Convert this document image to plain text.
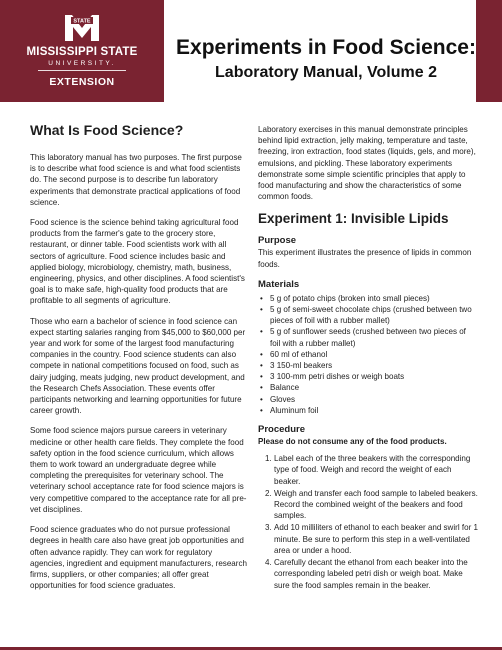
STATE
MISSISSIPPI STATE
UNIVERSITY.
EXTENSION
Experiments in Food Science:
Laboratory Manual, Volume 2
What Is Food Science?

This laboratory manual has two purposes. The first purpose is to describe what food science is and what food scientists do. The second purpose is to describe fun laboratory experiments that demonstrate practical applications of food science.

Food science is the science behind taking agricultural food products from the farmer's gate to the grocery store, restaurant, or dinner table. Food scientists work with all sectors of agriculture. Food science includes basic and applied biology, microbiology, chemistry, math, business, engineering, physics, and other disciplines. A food scientist's goal is to make safe, high-quality food products that are profitable to all segments of agriculture.

Those who earn a bachelor of science in food science can expect starting salaries ranging from $45,000 to $60,000 per year and work for some of the largest food manufacturing companies in the country. Food science students can also compete in national competitions focused on food, such as dairy judging, meats judging, new product development, and the Research Chefs Association. These events offer participants networking and learning opportunities for future career growth.

Some food science majors pursue careers in veterinary medicine or other health care fields. They complete the food safety option in the food science curriculum, which allows them to work toward an undergraduate degree while completing the prerequisites for veterinary school. The veterinary school acceptance rate for food science majors is very competitive compared to the acceptance rate for all pre-vet disciplines.

Food science graduates who do not pursue professional degrees in health care also have great job opportunities and often advance rapidly. They can work for regulatory agencies, ingredient and equipment manufacturers, research firms, suppliers, or other companies; all offer great opportunities for food science graduates.

Laboratory exercises in this manual demonstrate principles behind lipid extraction, jelly making, temperature and taste, freezing, iron extraction, food states (liquids, gels, and more), emulsions, and pickling. These laboratory experiments demonstrate some simple scientific principles that apply to food manufacturing and show the characteristics of some common foods.

Experiment 1: Invisible Lipids
Purpose

This experiment illustrates the presence of lipids in common foods.

Materials
• 5 g of potato chips (broken into small pieces)
• 5 g of semi-sweet chocolate chips (crushed between two pieces of foil with a rubber mallet)
• 5 g of sunflower seeds (crushed between two pieces of foil with a rubber mallet)
• 60 ml of ethanol
• 3 150-ml beakers
• 3 100-mm petri dishes or weigh boats
• Balance
• Gloves
• Aluminum foil
Procedure
Please do not consume any of the food products.
1. Label each of the three beakers with the corresponding type of food. Weigh and record the weight of each beaker.
2. Weigh and transfer each food sample to labeled beakers. Record the combined weight of the beakers and food samples.
3. Add 10 milliliters of ethanol to each beaker and swirl for 1 minute. Be sure to perform this step in a well-ventilated area or under a hood.
4. Carefully decant the ethanol from each beaker into the corresponding labeled petri dish or weigh boat. Make sure the food samples remain in the beaker.
